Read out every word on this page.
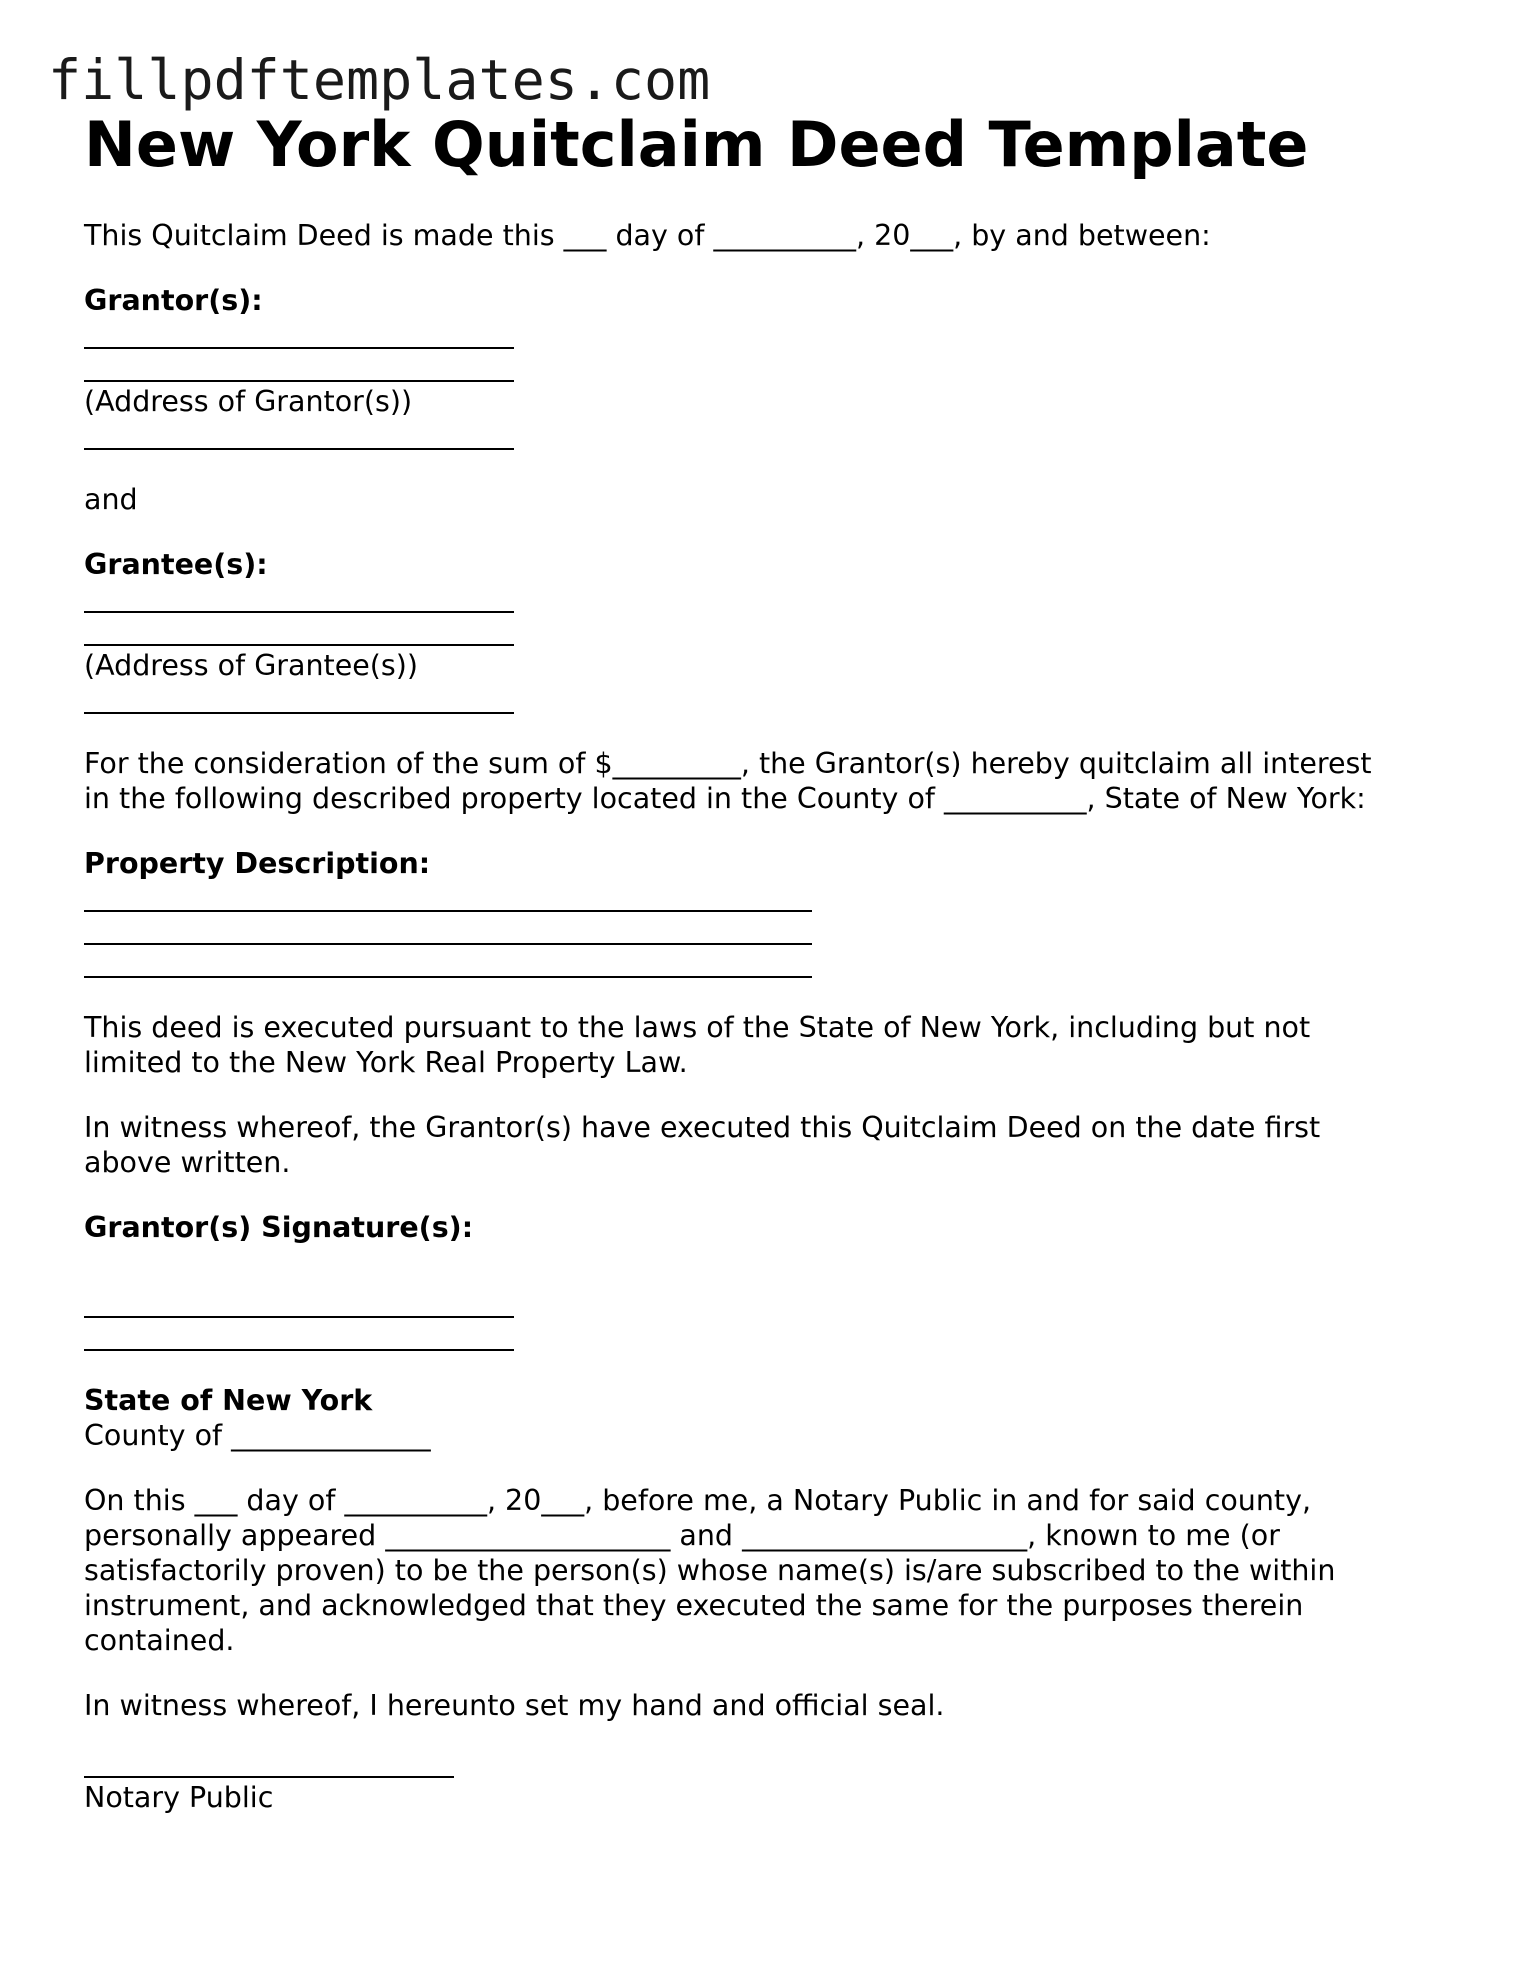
fillpdftemplates.com
New York Quitclaim Deed Template

This Quitclaim Deed is made this ___ day of __________, 20___, by and between:

Grantor(s):

(Address of Grantor(s))

and

Grantee(s):

(Address of Grantee(s))

For the consideration of the sum of $_________, the Grantor(s) hereby quitclaim all interest

in the following described property located in the County of __________, State of New York:

Property Description:

This deed is executed pursuant to the laws of the State of New York, including but not

limited to the New York Real Property Law.

In witness whereof, the Grantor(s) have executed this Quitclaim Deed on the date first

above written.

Grantor(s) Signature(s):

State of New York

County of ______________

On this ___ day of __________, 20___, before me, a Notary Public in and for said county,

personally appeared ____________________ and ____________________, known to me (or

satisfactorily proven) to be the person(s) whose name(s) is/are subscribed to the within

instrument, and acknowledged that they executed the same for the purposes therein

contained.

In witness whereof, I hereunto set my hand and official seal.

Notary Public
